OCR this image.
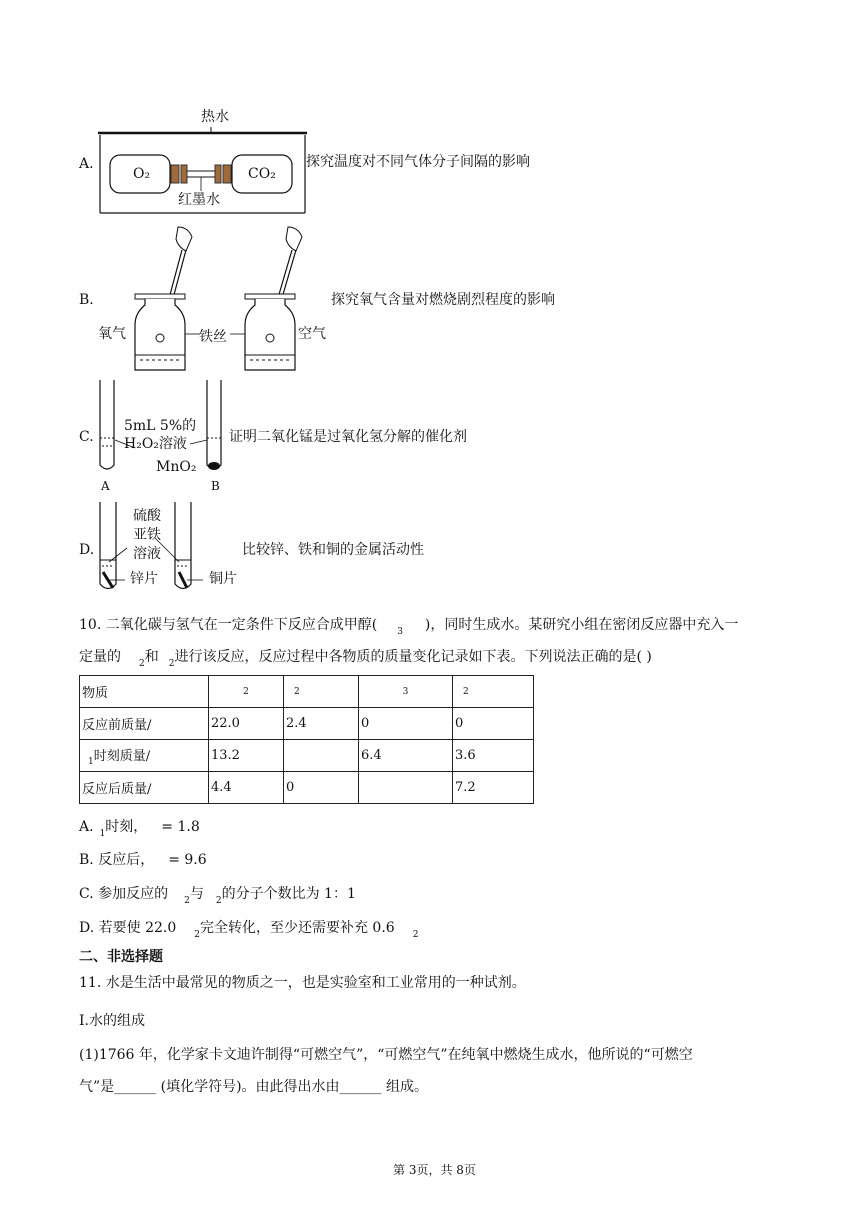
A.
热水
O₂	CO₂
红墨水
探究温度对不同气体分子间隔的影响
B.
氧气	铁丝	空气
探究氧气含量对燃烧剧烈程度的影响
C.
5mL 5%的
H₂O₂溶液
MnO₂
A	B
证明二氧化锰是过氧化氢分解的催化剂
D.
硫酸
亚铁
溶液
锌片	铜片
比较锌、铁和铜的金属活动性
10. 二氧化碳与氢气在一定条件下反应合成甲醇( $_3$ )，同时生成水。某研究小组在密闭反应器中充入一
定量的 $_2$和 $_2$进行该反应，反应过程中各物质的质量变化记录如下表。下列说法正确的是( )
物质	2	2	3	2
反应前质量/	22.0	2.4	0	0
$_1$时刻质量/	13.2		6.4	3.6
反应后质量/	4.4	0		7.2
A. $_1$时刻， = 1.8
B. 反应后， = 9.6
C. 参加反应的 $_2$与 $_2$的分子个数比为 1：1
D. 若要使 22.0 $_2$完全转化，至少还需要补充 0.6 $_2$
二、非选择题
11. 水是生活中最常见的物质之一，也是实验室和工业常用的一种试剂。
Ⅰ.水的组成
(1)1766 年，化学家卡文迪许制得“可燃空气”，“可燃空气”在纯氧中燃烧生成水，他所说的“可燃空
气”是______ (填化学符号)。由此得出水由______ 组成。
第 3页，共 8页
